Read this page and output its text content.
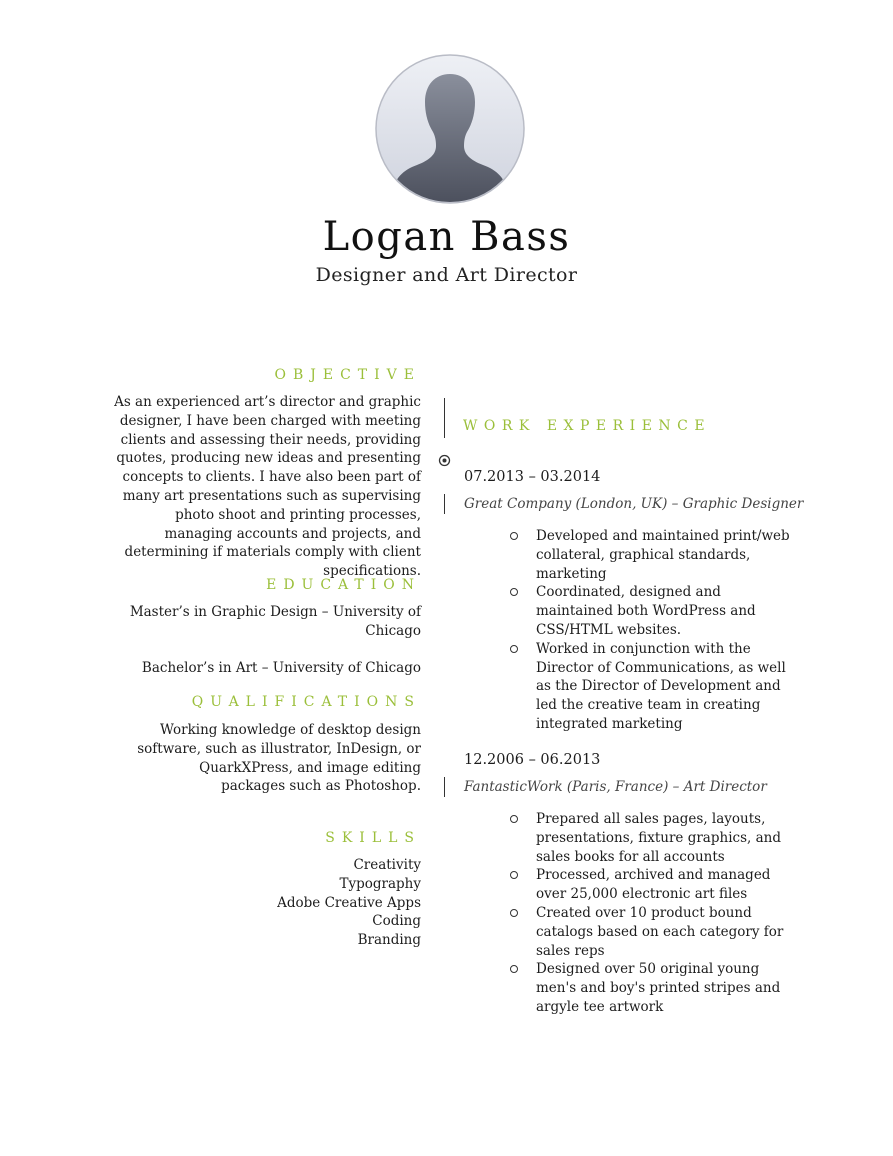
Logan Bass
Designer and Art Director
OBJECTIVE
As an experienced art’s director and graphic designer, I have been charged with meeting clients and assessing their needs, providing quotes, producing new ideas and presenting concepts to clients. I have also been part of many art presentations such as supervising photo shoot and printing processes, managing accounts and projects, and determining if materials comply with client specifications.
EDUCATION
Master’s in Graphic Design – University of Chicago
Bachelor’s in Art – University of Chicago
QUALIFICATIONS
Working knowledge of desktop design software, such as illustrator, InDesign, or QuarkXPress, and image editing packages such as Photoshop.
SKILLS
Creativity
Typography
Adobe Creative Apps
Coding
Branding
WORK EXPERIENCE
07.2013 – 03.2014
Great Company (London, UK) – Graphic Designer
Developed and maintained print/web collateral, graphical standards, marketing
Coordinated, designed and maintained both WordPress and CSS/HTML websites.
Worked in conjunction with the Director of Communications, as well as the Director of Development and led the creative team in creating integrated marketing
12.2006 – 06.2013
FantasticWork (Paris, France) – Art Director
Prepared all sales pages, layouts, presentations, fixture graphics, and sales books for all accounts
Processed, archived and managed over 25,000 electronic art files
Created over 10 product bound catalogs based on each category for sales reps
Designed over 50 original young men's and boy's printed stripes and argyle tee artwork
